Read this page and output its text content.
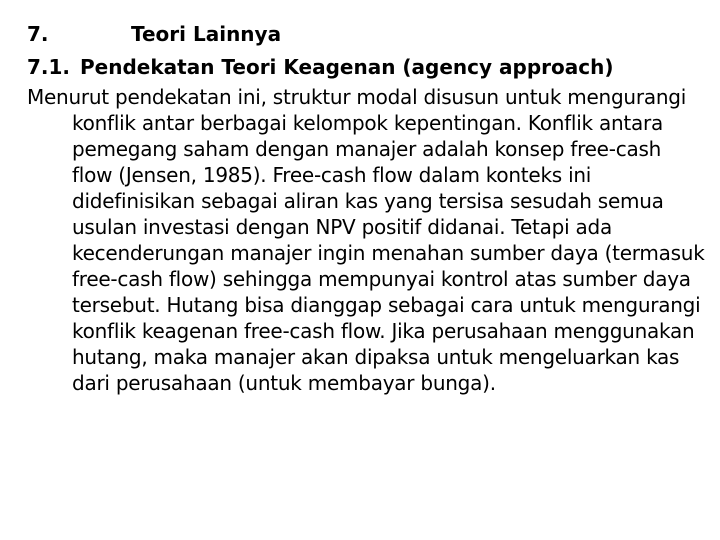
7.	Teori Lainnya
7.1. Pendekatan Teori Keagenan (agency approach)

Menurut pendekatan ini, struktur modal disusun untuk mengurangi konflik antar berbagai kelompok kepentingan. Konflik antara pemegang saham dengan manajer adalah konsep free-cash flow (Jensen, 1985). Free-cash flow dalam konteks ini didefinisikan sebagai aliran kas yang tersisa sesudah semua usulan investasi dengan NPV positif didanai. Tetapi ada kecenderungan manajer ingin menahan sumber daya (termasuk free-cash flow) sehingga mempunyai kontrol atas sumber daya tersebut. Hutang bisa dianggap sebagai cara untuk mengurangi konflik keagenan free-cash flow. Jika perusahaan menggunakan hutang, maka manajer akan dipaksa untuk mengeluarkan kas dari perusahaan (untuk membayar bunga).
